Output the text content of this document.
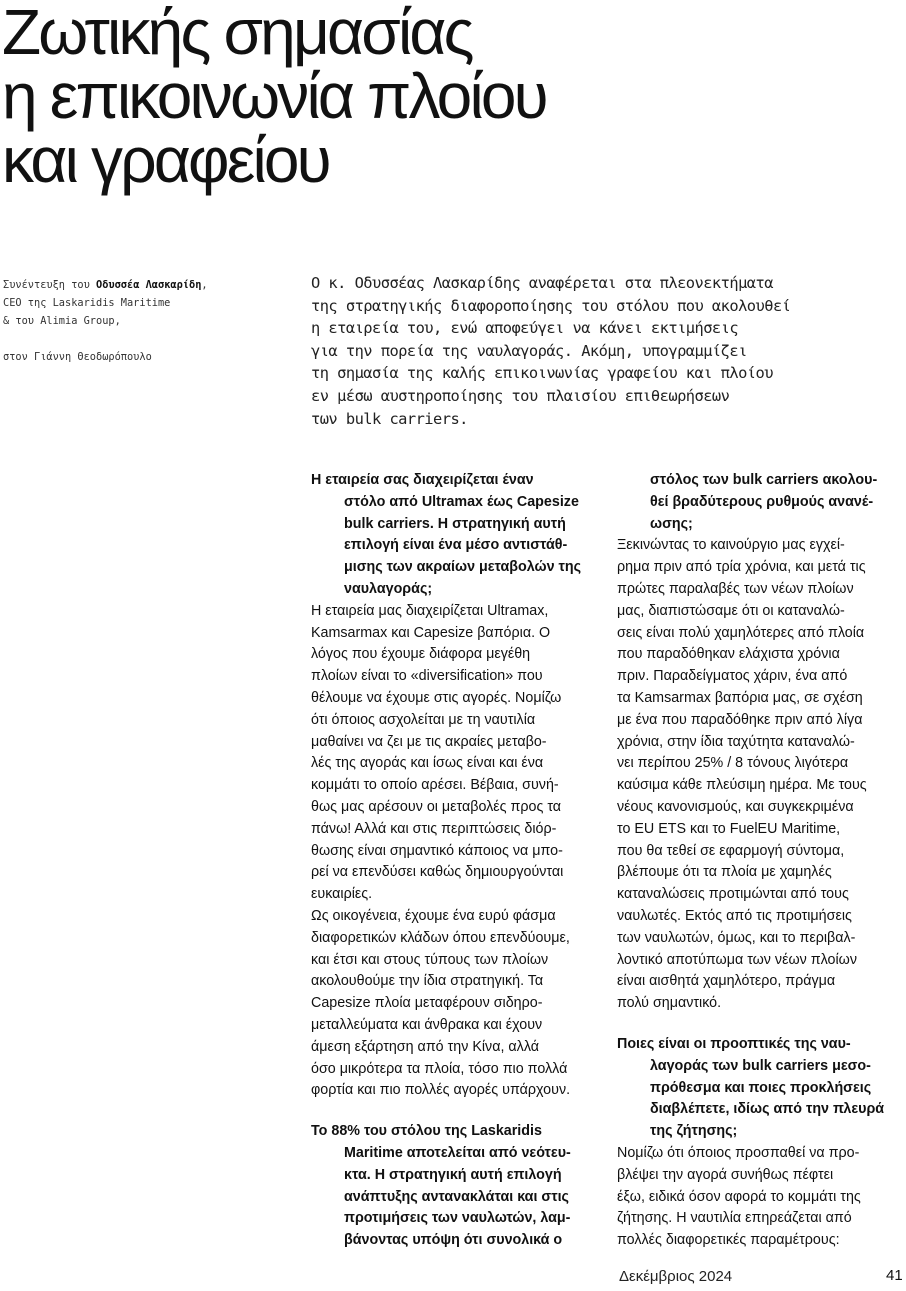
Ζωτικής σημασίας
η επικοινωνία πλοίου
και γραφείου
Συνέντευξη του Οδυσσέα Λασκαρίδη,
CEO της Laskaridis Maritime
& του Alimia Group,
στον Γιάννη Θεοδωρόπουλο
Ο κ. Οδυσσέας Λασκαρίδης αναφέρεται στα πλεονεκτήματα
της στρατηγικής διαφοροποίησης του στόλου που ακολουθεί
η εταιρεία του, ενώ αποφεύγει να κάνει εκτιμήσεις
για την πορεία της ναυλαγοράς. Ακόμη, υπογραμμίζει
τη σημασία της καλής επικοινωνίας γραφείου και πλοίου
εν μέσω αυστηροποίησης του πλαισίου επιθεωρήσεων
των bulk carriers.
Η εταιρεία σας διαχειρίζεται έναν
στόλο από Ultramax έως Capesize
bulk carriers. Η στρατηγική αυτή
επιλογή είναι ένα μέσο αντιστάθ-
μισης των ακραίων μεταβολών της
ναυλαγοράς;
Η εταιρεία μας διαχειρίζεται Ultramax,
Kamsarmax και Capesize βαπόρια. Ο
λόγος που έχουμε διάφορα μεγέθη
πλοίων είναι το «diversification» που
θέλουμε να έχουμε στις αγορές. Νομίζω
ότι όποιος ασχολείται με τη ναυτιλία
μαθαίνει να ζει με τις ακραίες μεταβο-
λές της αγοράς και ίσως είναι και ένα
κομμάτι το οποίο αρέσει. Βέβαια, συνή-
θως μας αρέσουν οι μεταβολές προς τα
πάνω! Αλλά και στις περιπτώσεις διόρ-
θωσης είναι σημαντικό κάποιος να μπο-
ρεί να επενδύσει καθώς δημιουργούνται
ευκαιρίες.
Ως οικογένεια, έχουμε ένα ευρύ φάσμα
διαφορετικών κλάδων όπου επενδύουμε,
και έτσι και στους τύπους των πλοίων
ακολουθούμε την ίδια στρατηγική. Τα
Capesize πλοία μεταφέρουν σιδηρο-
μεταλλεύματα και άνθρακα και έχουν
άμεση εξάρτηση από την Κίνα, αλλά
όσο μικρότερα τα πλοία, τόσο πιο πολλά
φορτία και πιο πολλές αγορές υπάρχουν.
Το 88% του στόλου της Laskaridis
Maritime αποτελείται από νεότευ-
κτα. Η στρατηγική αυτή επιλογή
ανάπτυξης αντανακλάται και στις
προτιμήσεις των ναυλωτών, λαμ-
βάνοντας υπόψη ότι συνολικά ο
στόλος των bulk carriers ακολου-
θεί βραδύτερους ρυθμούς ανανέ-
ωσης;
Ξεκινώντας το καινούργιο μας εγχεί-
ρημα πριν από τρία χρόνια, και μετά τις
πρώτες παραλαβές των νέων πλοίων
μας, διαπιστώσαμε ότι οι καταναλώ-
σεις είναι πολύ χαμηλότερες από πλοία
που παραδόθηκαν ελάχιστα χρόνια
πριν. Παραδείγματος χάριν, ένα από
τα Kamsarmax βαπόρια μας, σε σχέση
με ένα που παραδόθηκε πριν από λίγα
χρόνια, στην ίδια ταχύτητα καταναλώ-
νει περίπου 25% / 8 τόνους λιγότερα
καύσιμα κάθε πλεύσιμη ημέρα. Με τους
νέους κανονισμούς, και συγκεκριμένα
το EU ETS και το FuelEU Maritime,
που θα τεθεί σε εφαρμογή σύντομα,
βλέπουμε ότι τα πλοία με χαμηλές
καταναλώσεις προτιμώνται από τους
ναυλωτές. Εκτός από τις προτιμήσεις
των ναυλωτών, όμως, και το περιβαλ-
λοντικό αποτύπωμα των νέων πλοίων
είναι αισθητά χαμηλότερο, πράγμα
πολύ σημαντικό.
Ποιες είναι οι προοπτικές της ναυ-
λαγοράς των bulk carriers μεσο-
πρόθεσμα και ποιες προκλήσεις
διαβλέπετε, ιδίως από την πλευρά
της ζήτησης;
Νομίζω ότι όποιος προσπαθεί να προ-
βλέψει την αγορά συνήθως πέφτει
έξω, ειδικά όσον αφορά το κομμάτι της
ζήτησης. Η ναυτιλία επηρεάζεται από
πολλές διαφορετικές παραμέτρους:
Δεκέμβριος 2024	41
